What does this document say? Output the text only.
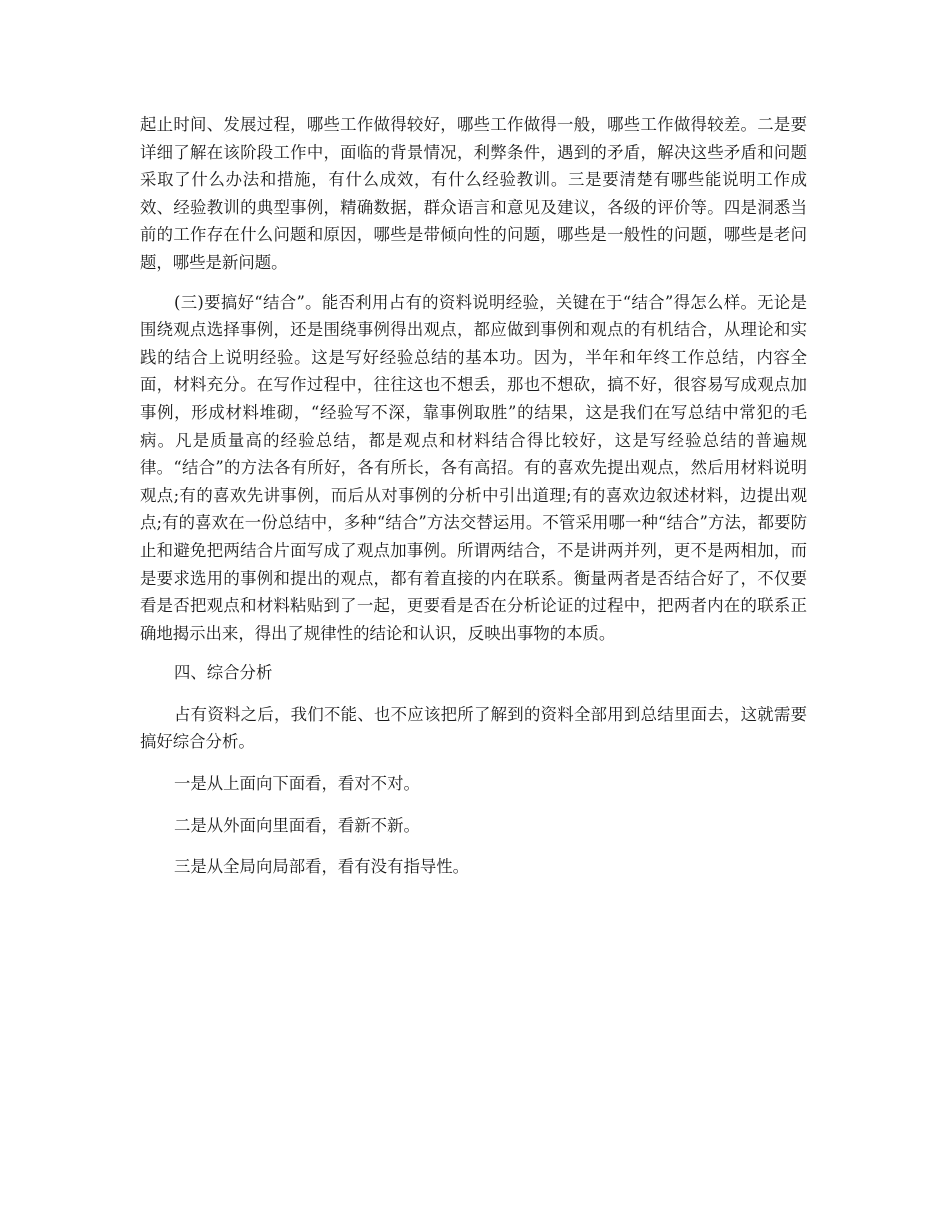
起止时间、发展过程，哪些工作做得较好，哪些工作做得一般，哪些工作做得较差。二是要详细了解在该阶段工作中，面临的背景情况，利弊条件，遇到的矛盾，解决这些矛盾和问题采取了什么办法和措施，有什么成效，有什么经验教训。三是要清楚有哪些能说明工作成效、经验教训的典型事例，精确数据，群众语言和意见及建议，各级的评价等。四是洞悉当前的工作存在什么问题和原因，哪些是带倾向性的问题，哪些是一般性的问题，哪些是老问题，哪些是新问题。

(三)要搞好“结合”。能否利用占有的资料说明经验，关键在于“结合”得怎么样。无论是围绕观点选择事例，还是围绕事例得出观点，都应做到事例和观点的有机结合，从理论和实践的结合上说明经验。这是写好经验总结的基本功。因为，半年和年终工作总结，内容全面，材料充分。在写作过程中，往往这也不想丢，那也不想砍，搞不好，很容易写成观点加事例，形成材料堆砌，“经验写不深，靠事例取胜”的结果，这是我们在写总结中常犯的毛病。凡是质量高的经验总结，都是观点和材料结合得比较好，这是写经验总结的普遍规律。“结合”的方法各有所好，各有所长，各有高招。有的喜欢先提出观点，然后用材料说明观点;有的喜欢先讲事例，而后从对事例的分析中引出道理;有的喜欢边叙述材料，边提出观点;有的喜欢在一份总结中，多种“结合”方法交替运用。不管采用哪一种“结合”方法，都要防止和避免把两结合片面写成了观点加事例。所谓两结合，不是讲两并列，更不是两相加，而是要求选用的事例和提出的观点，都有着直接的内在联系。衡量两者是否结合好了，不仅要看是否把观点和材料粘贴到了一起，更要看是否在分析论证的过程中，把两者内在的联系正确地揭示出来，得出了规律性的结论和认识，反映出事物的本质。

四、综合分析

占有资料之后，我们不能、也不应该把所了解到的资料全部用到总结里面去，这就需要搞好综合分析。

一是从上面向下面看，看对不对。

二是从外面向里面看，看新不新。

三是从全局向局部看，看有没有指导性。
